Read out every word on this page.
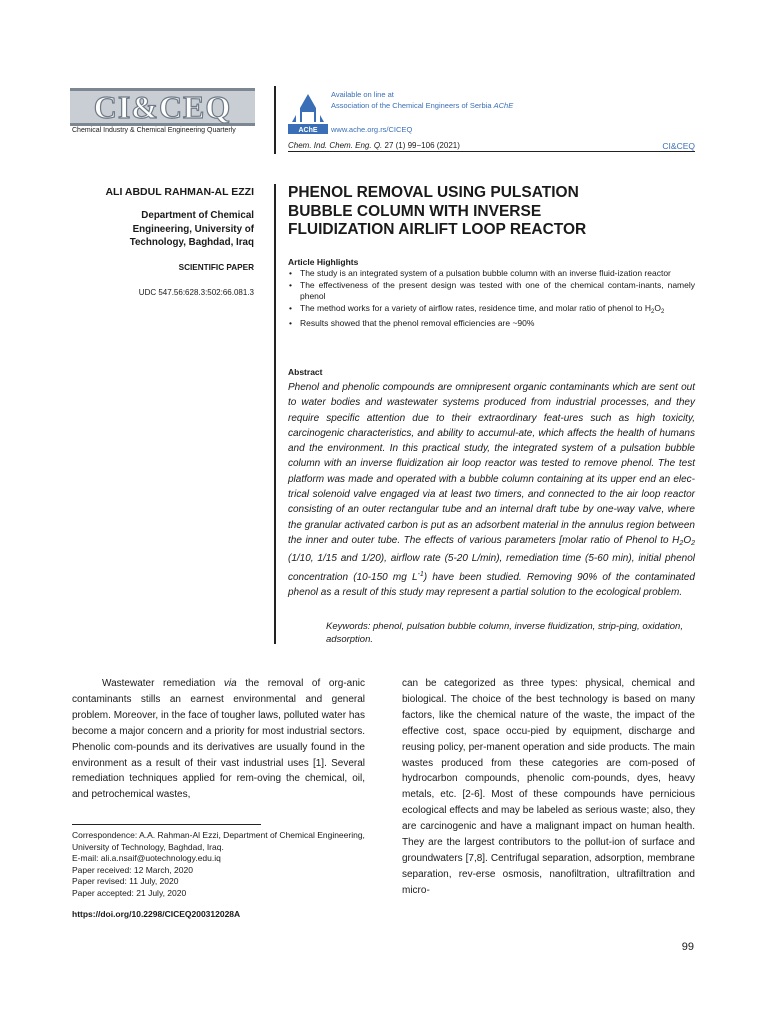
CI&CEQ
Chemical Industry & Chemical Engineering Quarterly	AChE
Available on line at
Association of the Chemical Engineers of Serbia AChE
www.ache.org.rs/CICEQ
Chem. Ind. Chem. Eng. Q. 27 (1) 99−106 (2021)	CI&CEQ
ALI ABDUL RAHMAN-AL EZZI
Department of Chemical
Engineering, University of
Technology, Baghdad, Iraq
SCIENTIFIC PAPER
UDC 547.56:628.3:502:66.081.3
PHENOL REMOVAL USING PULSATION
BUBBLE COLUMN WITH INVERSE
FLUIDIZATION AIRLIFT LOOP REACTOR
Article Highlights
• The study is an integrated system of a pulsation bubble column with an inverse fluid-ization reactor
• The effectiveness of the present design was tested with one of the chemical contam-inants, namely phenol
• The method works for a variety of airflow rates, residence time, and molar ratio of phenol to $H_2O_2$
• Results showed that the phenol removal efficiencies are ~90%
Abstract
Phenol and phenolic compounds are omnipresent organic contaminants which are sent out to water bodies and wastewater systems produced from industrial processes, and they require specific attention due to their extraordinary feat-ures such as high toxicity, carcinogenic characteristics, and ability to accumul-ate, which affects the health of humans and the environment. In this practical study, the integrated system of a pulsation bubble column with an inverse fluidization air loop reactor was tested to remove phenol. The test platform was made and operated with a bubble column containing at its upper end an elec-trical solenoid valve engaged via at least two timers, and connected to the air loop reactor consisting of an outer rectangular tube and an internal draft tube by one-way valve, where the granular activated carbon is put as an adsorbent material in the annulus region between the inner and outer tube. The effects of various parameters [molar ratio of Phenol to $H_2O_2$ (1/10, 1/15 and 1/20), airflow rate (5-20 L/min), remediation time (5-60 min), initial phenol concentration (10-150 mg $L^{-1}$) have been studied. Removing 90% of the contaminated phenol as a result of this study may represent a partial solution to the ecological problem.
Keywords: phenol, pulsation bubble column, inverse fluidization, strip-ping, oxidation, adsorption.
Wastewater remediation via the removal of org-anic contaminants stills an earnest environmental and general problem. Moreover, in the face of tougher laws, polluted water has become a major concern and a priority for most industrial sectors. Phenolic com-pounds and its derivatives are usually found in the environment as a result of their vast industrial uses [1]. Several remediation techniques applied for rem-oving the chemical, oil, and petrochemical wastes,
can be categorized as three types: physical, chemical and biological. The choice of the best technology is based on many factors, like the chemical nature of the waste, the impact of the effective cost, space occu-pied by equipment, discharge and reusing policy, per-manent operation and side products. The main wastes produced from these categories are com-posed of hydrocarbon compounds, phenolic com-pounds, dyes, heavy metals, etc. [2-6]. Most of these compounds have pernicious ecological effects and may be labeled as serious waste; also, they are carcinogenic and have a malignant impact on human health. They are the largest contributors to the pollut-ion of surface and groundwaters [7,8]. Centrifugal separation, adsorption, membrane separation, rev-erse osmosis, nanofiltration, ultrafiltration and micro-
Correspondence: A.A. Rahman-Al Ezzi, Department of Chemical Engineering, University of Technology, Baghdad, Iraq.
E-mail: ali.a.nsaif@uotechnology.edu.iq
Paper received: 12 March, 2020
Paper revised: 11 July, 2020
Paper accepted: 21 July, 2020
https://doi.org/10.2298/CICEQ200312028A
99
